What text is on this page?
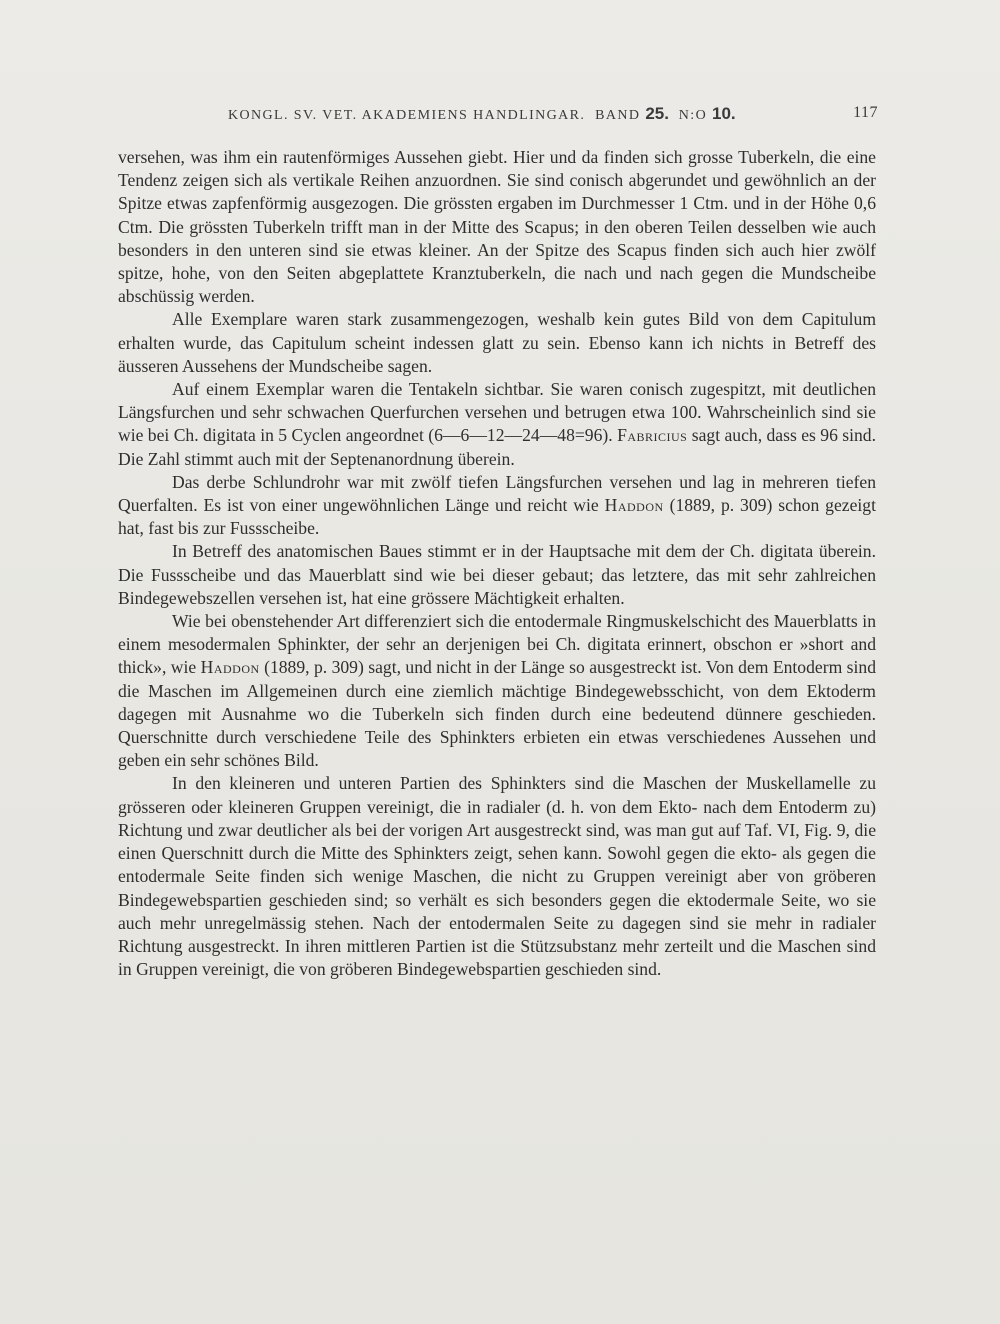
KONGL. SV. VET. AKADEMIENS HANDLINGAR. BAND 25. N:O 10.	117

versehen, was ihm ein rautenförmiges Aussehen giebt. Hier und da finden sich grosse Tuberkeln, die eine Tendenz zeigen sich als vertikale Reihen anzuordnen. Sie sind conisch abgerundet und gewöhnlich an der Spitze etwas zapfenförmig ausgezogen. Die grössten ergaben im Durchmesser 1 Ctm. und in der Höhe 0,6 Ctm. Die grössten Tuberkeln trifft man in der Mitte des Scapus; in den oberen Teilen desselben wie auch besonders in den unteren sind sie etwas kleiner. An der Spitze des Scapus finden sich auch hier zwölf spitze, hohe, von den Seiten abgeplattete Kranztuberkeln, die nach und nach gegen die Mundscheibe abschüssig werden.

Alle Exemplare waren stark zusammengezogen, weshalb kein gutes Bild von dem Capitulum erhalten wurde, das Capitulum scheint indessen glatt zu sein. Ebenso kann ich nichts in Betreff des äusseren Aussehens der Mundscheibe sagen.

Auf einem Exemplar waren die Tentakeln sichtbar. Sie waren conisch zugespitzt, mit deutlichen Längsfurchen und sehr schwachen Querfurchen versehen und betrugen etwa 100. Wahrscheinlich sind sie wie bei Ch. digitata in 5 Cyclen angeordnet (6—6—12—24—48=96). Fabricius sagt auch, dass es 96 sind. Die Zahl stimmt auch mit der Septenanordnung überein.

Das derbe Schlundrohr war mit zwölf tiefen Längsfurchen versehen und lag in mehreren tiefen Querfalten. Es ist von einer ungewöhnlichen Länge und reicht wie Haddon (1889, p. 309) schon gezeigt hat, fast bis zur Fussscheibe.

In Betreff des anatomischen Baues stimmt er in der Hauptsache mit dem der Ch. digitata überein. Die Fussscheibe und das Mauerblatt sind wie bei dieser gebaut; das letztere, das mit sehr zahlreichen Bindegewebszellen versehen ist, hat eine grössere Mächtigkeit erhalten.

Wie bei obenstehender Art differenziert sich die entodermale Ringmuskelschicht des Mauerblatts in einem mesodermalen Sphinkter, der sehr an derjenigen bei Ch. digitata erinnert, obschon er »short and thick», wie Haddon (1889, p. 309) sagt, und nicht in der Länge so ausgestreckt ist. Von dem Entoderm sind die Maschen im Allgemeinen durch eine ziemlich mächtige Bindegewebsschicht, von dem Ektoderm dagegen mit Ausnahme wo die Tuberkeln sich finden durch eine bedeutend dünnere geschieden. Querschnitte durch verschiedene Teile des Sphinkters erbieten ein etwas verschiedenes Aussehen und geben ein sehr schönes Bild.

In den kleineren und unteren Partien des Sphinkters sind die Maschen der Muskellamelle zu grösseren oder kleineren Gruppen vereinigt, die in radialer (d. h. von dem Ekto- nach dem Entoderm zu) Richtung und zwar deutlicher als bei der vorigen Art ausgestreckt sind, was man gut auf Taf. VI, Fig. 9, die einen Querschnitt durch die Mitte des Sphinkters zeigt, sehen kann. Sowohl gegen die ekto- als gegen die entodermale Seite finden sich wenige Maschen, die nicht zu Gruppen vereinigt aber von gröberen Bindegewebspartien geschieden sind; so verhält es sich besonders gegen die ektodermale Seite, wo sie auch mehr unregelmässig stehen. Nach der entodermalen Seite zu dagegen sind sie mehr in radialer Richtung ausgestreckt. In ihren mittleren Partien ist die Stützsubstanz mehr zerteilt und die Maschen sind in Gruppen vereinigt, die von gröberen Bindegewebspartien geschieden sind.
